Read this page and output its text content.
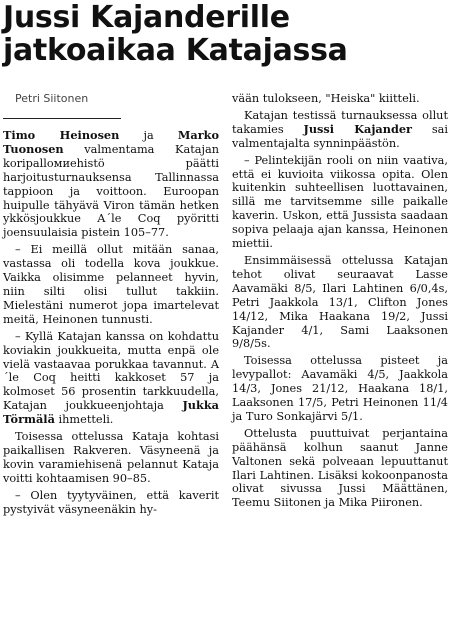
Jussi Kajanderille
jatkoaikaa Katajassa

Petri Siitonen

Timo Heinosen ja Marko Tuonosen valmentama Katajan koripalloмиehistö päätti harjoitusturnauksensa Tallinnassa tappioon ja voittoon. Euroopan huipulle tähyävä Viron tämän hetken ykkösjoukkue A´le Coq pyöritti joensuulaisia pistein 105–77.

– Ei meillä ollut mitään sanaa, vastassa oli todella kova joukkue. Vaikka olisimme pelanneet hyvin, niin silti olisi tullut takkiin. Mielestäni numerot jopa imartelevat meitä, Heinonen tunnusti.

– Kyllä Katajan kanssa on kohdattu koviakin joukkueita, mutta enpä ole vielä vastaavaa porukkaa tavannut. A´le Coq heitti kakkoset 57 ja kolmoset 56 prosentin tarkkuudella, Katajan joukkueenjohtaja Jukka Törmälä ihmetteli.

Toisessa ottelussa Kataja kohtasi paikallisen Rakveren. Väsyneenä ja kovin varamiehisenä pelannut Kataja voitti kohtaamisen 90–85.

– Olen tyytyväinen, että kaverit pystyivät väsyneenäkin hy-

vään tulokseen, "Heiska" kiitteli.

Katajan testissä turnauksessa ollut takamies Jussi Kajander sai valmentajalta synninpäästön.

– Pelintekijän rooli on niin vaativa, että ei kuvioita viikossa opita. Olen kuitenkin suhteellisen luottavainen, sillä me tarvitsemme sille paikalle kaverin. Uskon, että Jussista saadaan sopiva pelaaja ajan kanssa, Heinonen miettii.

Ensimmäisessä ottelussa Katajan tehot olivat seuraavat Lasse Aavamäki 8/5, Ilari Lahtinen 6/0,4s, Petri Jaakkola 13/1, Clifton Jones 14/12, Mika Haakana 19/2, Jussi Kajander 4/1, Sami Laaksonen 9/8/5s.

Toisessa ottelussa pisteet ja levypallot: Aavamäki 4/5, Jaakkola 14/3, Jones 21/12, Haakana 18/1, Laaksonen 17/5, Petri Heinonen 11/4 ja Turo Sonkajärvi 5/1.

Ottelusta puuttuivat perjantaina päähänsä kolhun saanut Janne Valtonen sekä polveaan lepuuttanut Ilari Lahtinen. Lisäksi kokoonpanosta olivat sivussa Jussi Määttänen, Teemu Siitonen ja Mika Piironen.
